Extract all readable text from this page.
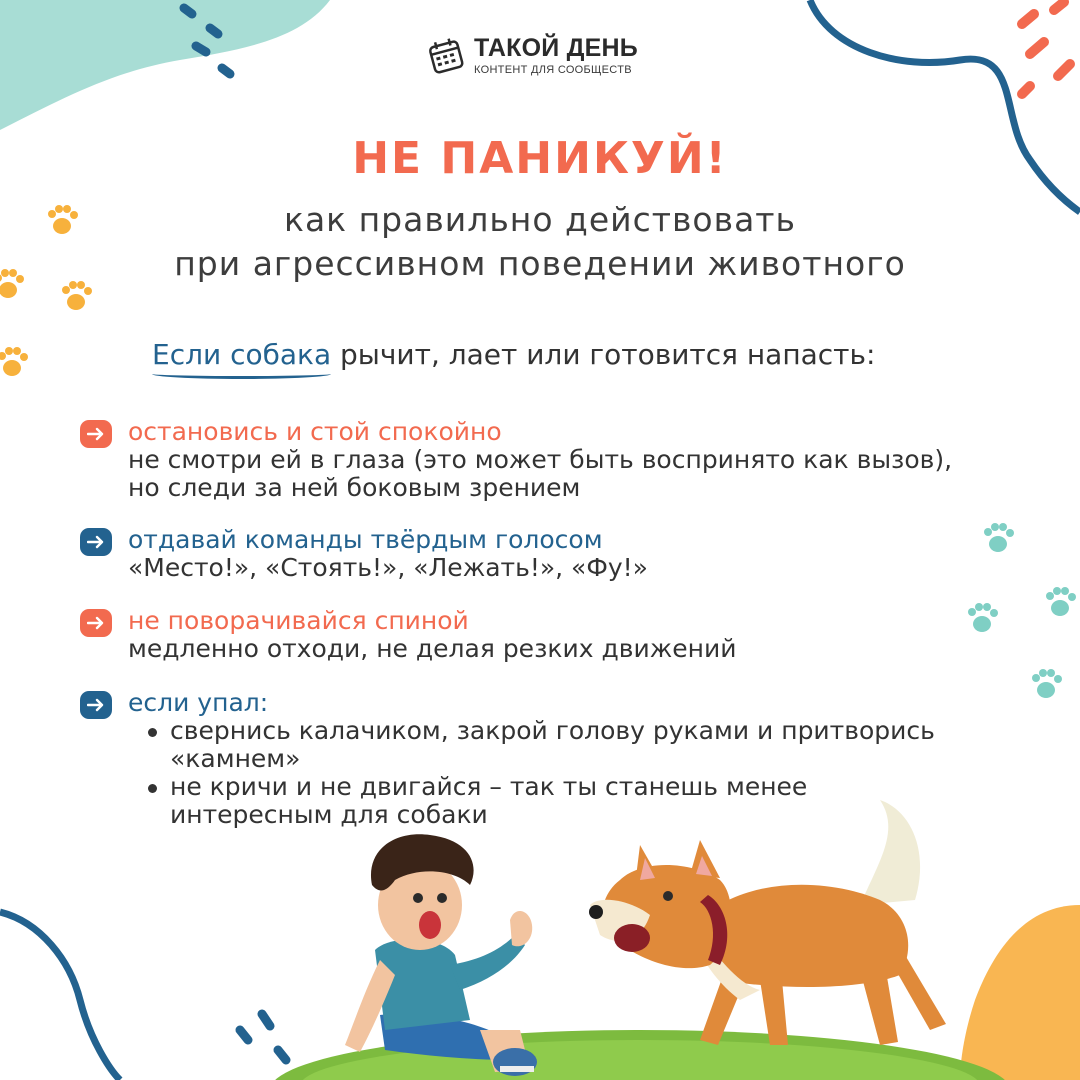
ТАКОЙ ДЕНЬ
КОНТЕНТ ДЛЯ СООБЩЕСТВ
НЕ ПАНИКУЙ!
как правильно действовать
при агрессивном поведении животного
Если собака рычит, лает или готовится напасть:
остановись и стой спокойно
не смотри ей в глаза (это может быть воспринято как вызов),
но следи за ней боковым зрением
отдавай команды твёрдым голосом
«Место!», «Стоять!», «Лежать!», «Фу!»
не поворачивайся спиной
медленно отходи, не делая резких движений
если упал:
свернись калачиком, закрой голову руками и притворись
«камнем»
не кричи и не двигайся – так ты станешь менее
интересным для собаки
